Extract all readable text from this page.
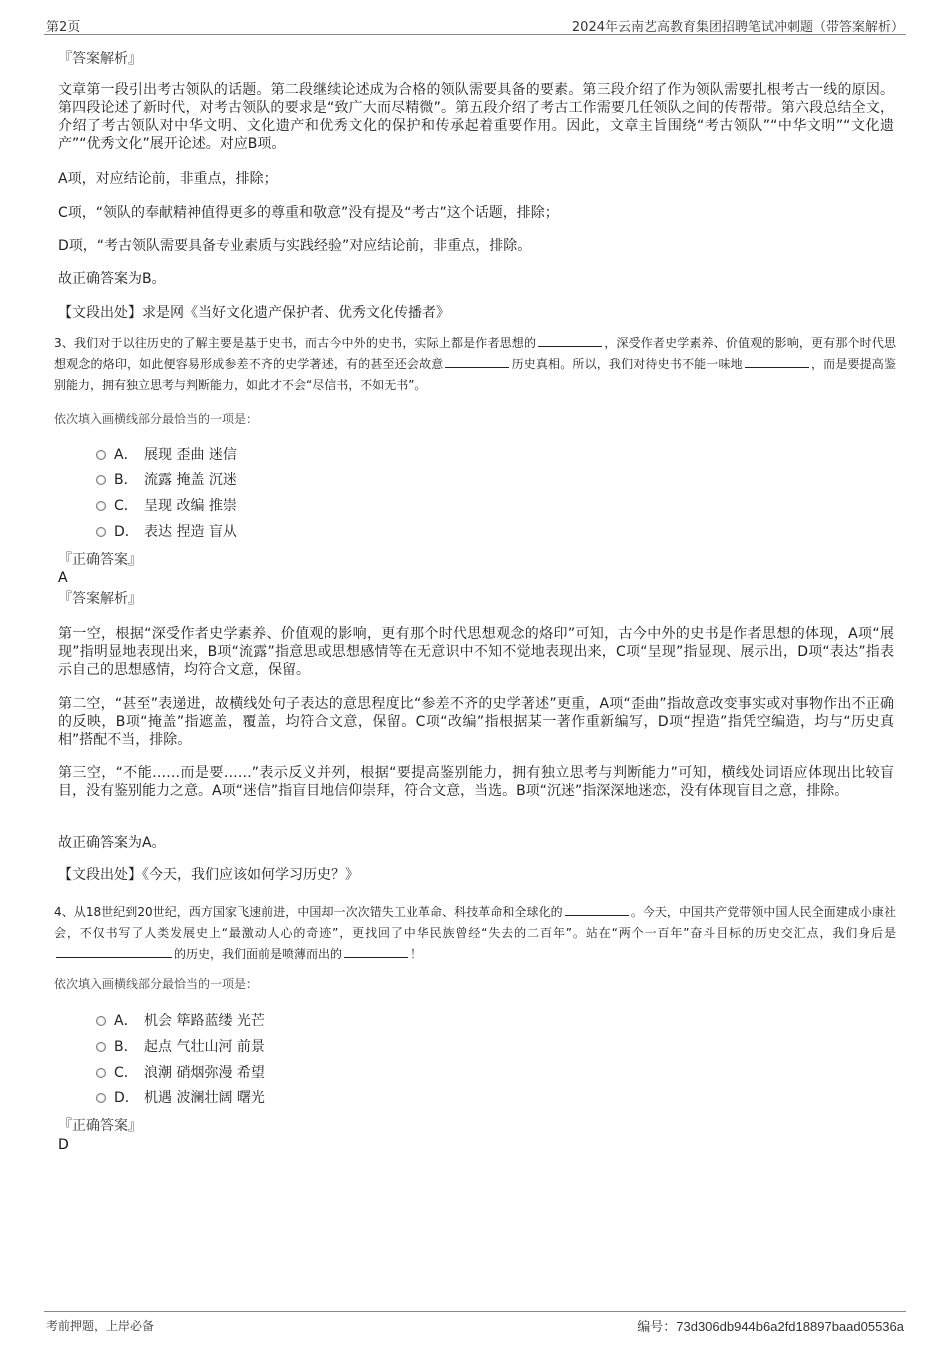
第2页	2024年云南艺高教育集团招聘笔试冲刺题（带答案解析）
『答案解析』
文章第一段引出考古领队的话题。第二段继续论述成为合格的领队需要具备的要素。第三段介绍了作为领队需要扎根考古一线的原因。第四段论述了新时代，对考古领队的要求是“致广大而尽精微”。第五段介绍了考古工作需要几任领队之间的传帮带。第六段总结全文，介绍了考古领队对中华文明、文化遗产和优秀文化的保护和传承起着重要作用。因此，文章主旨围绕“考古领队”“中华文明”“文化遗产”“优秀文化”展开论述。对应B项。
A项，对应结论前，非重点，排除；
C项，“领队的奉献精神值得更多的尊重和敬意”没有提及“考古”这个话题，排除；
D项，“考古领队需要具备专业素质与实践经验”对应结论前，非重点，排除。
故正确答案为B。
【文段出处】求是网《当好文化遗产保护者、优秀文化传播者》
3、我们对于以往历史的了解主要是基于史书，而古今中外的史书，实际上都是作者思想的	，深受作者史学素养、价值观的影响，更有那个时代思想观念的烙印，如此便容易形成参差不齐的史学著述，有的甚至还会故意	历史真相。所以，我们对待史书不能一味地	，而是要提高鉴别能力，拥有独立思考与判断能力，如此才不会“尽信书，不如无书”。
依次填入画横线部分最恰当的一项是：
A． 展现 歪曲 迷信
B． 流露 掩盖 沉迷
C． 呈现 改编 推崇
D． 表达 捏造 盲从
『正确答案』
A
『答案解析』
第一空，根据“深受作者史学素养、价值观的影响，更有那个时代思想观念的烙印”可知，古今中外的史书是作者思想的体现，A项“展现”指明显地表现出来，B项“流露”指意思或思想感情等在无意识中不知不觉地表现出来，C项“呈现”指显现、展示出，D项“表达”指表示自己的思想感情，均符合文意，保留。
第二空，“甚至”表递进，故横线处句子表达的意思程度比“参差不齐的史学著述”更重，A项“歪曲”指故意改变事实或对事物作出不正确的反映，B项“掩盖”指遮盖，覆盖，均符合文意，保留。C项“改编”指根据某一著作重新编写，D项“捏造”指凭空编造，均与“历史真相”搭配不当，排除。
第三空，“不能……而是要……”表示反义并列，根据“要提高鉴别能力，拥有独立思考与判断能力”可知，横线处词语应体现出比较盲目，没有鉴别能力之意。A项“迷信”指盲目地信仰崇拜，符合文意，当选。B项“沉迷”指深深地迷恋，没有体现盲目之意，排除。
故正确答案为A。
【文段出处】《今天，我们应该如何学习历史？》
4、从18世纪到20世纪，西方国家飞速前进，中国却一次次错失工业革命、科技革命和全球化的	。今天，中国共产党带领中国人民全面建成小康社会，不仅书写了人类发展史上“最激动人心的奇迹”，更找回了中华民族曾经“失去的二百年”。站在“两个一百年”奋斗目标的历史交汇点，我们身后是的历史，我们面前是喷薄而出的	！
依次填入画横线部分最恰当的一项是：
A． 机会 筚路蓝缕 光芒
B． 起点 气壮山河 前景
C． 浪潮 硝烟弥漫 希望
D． 机遇 波澜壮阔 曙光
『正确答案』
D
考前押题，上岸必备	编号：73d306db944b6a2fd18897baad05536a
